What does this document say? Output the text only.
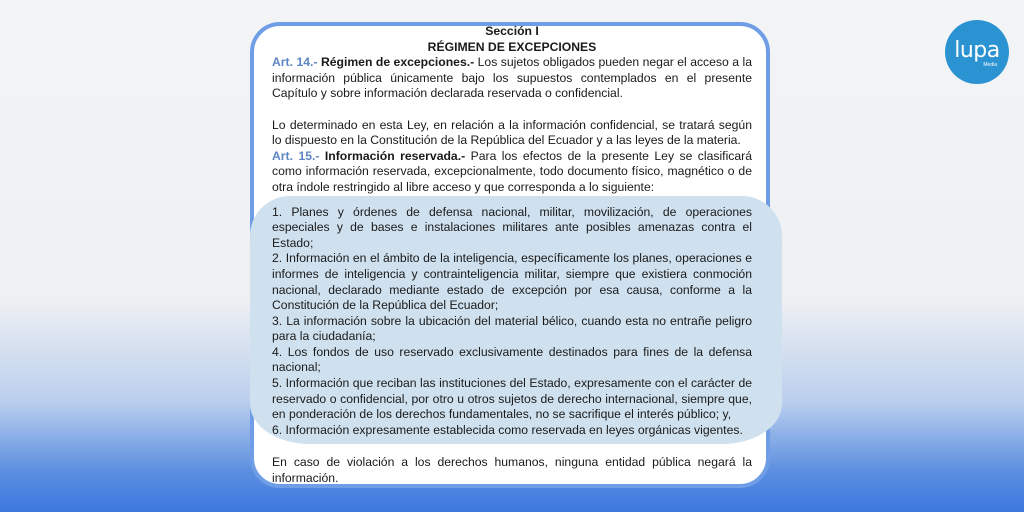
Sección I
RÉGIMEN DE EXCEPCIONES

Art. 14.- Régimen de excepciones.- Los sujetos obligados pueden negar el acceso a la información pública únicamente bajo los supuestos contemplados en el presente Capítulo y sobre información declarada reservada o confidencial.

Lo determinado en esta Ley, en relación a la información confidencial, se tratará según lo dispuesto en la Constitución de la República del Ecuador y a las leyes de la materia.

Art. 15.- Información reservada.- Para los efectos de la presente Ley se clasificará como información reservada, excepcionalmente, todo documento físico, magnético o de otra índole restringido al libre acceso y que corresponda a lo siguiente:

1. Planes y órdenes de defensa nacional, militar, movilización, de operaciones especiales y de bases e instalaciones militares ante posibles amenazas contra el Estado;

2. Información en el ámbito de la inteligencia, específicamente los planes, operaciones e informes de inteligencia y contrainteligencia militar, siempre que existiera conmoción nacional, declarado mediante estado de excepción por esa causa, conforme a la Constitución de la República del Ecuador;

3. La información sobre la ubicación del material bélico, cuando esta no entrañe peligro para la ciudadanía;

4. Los fondos de uso reservado exclusivamente destinados para fines de la defensa nacional;

5. Información que reciban las instituciones del Estado, expresamente con el carácter de reservado o confidencial, por otro u otros sujetos de derecho internacional, siempre que, en ponderación de los derechos fundamentales, no se sacrifique el interés público; y,

6. Información expresamente establecida como reservada en leyes orgánicas vigentes.

En caso de violación a los derechos humanos, ninguna entidad pública negará la información.

lupa
Media
